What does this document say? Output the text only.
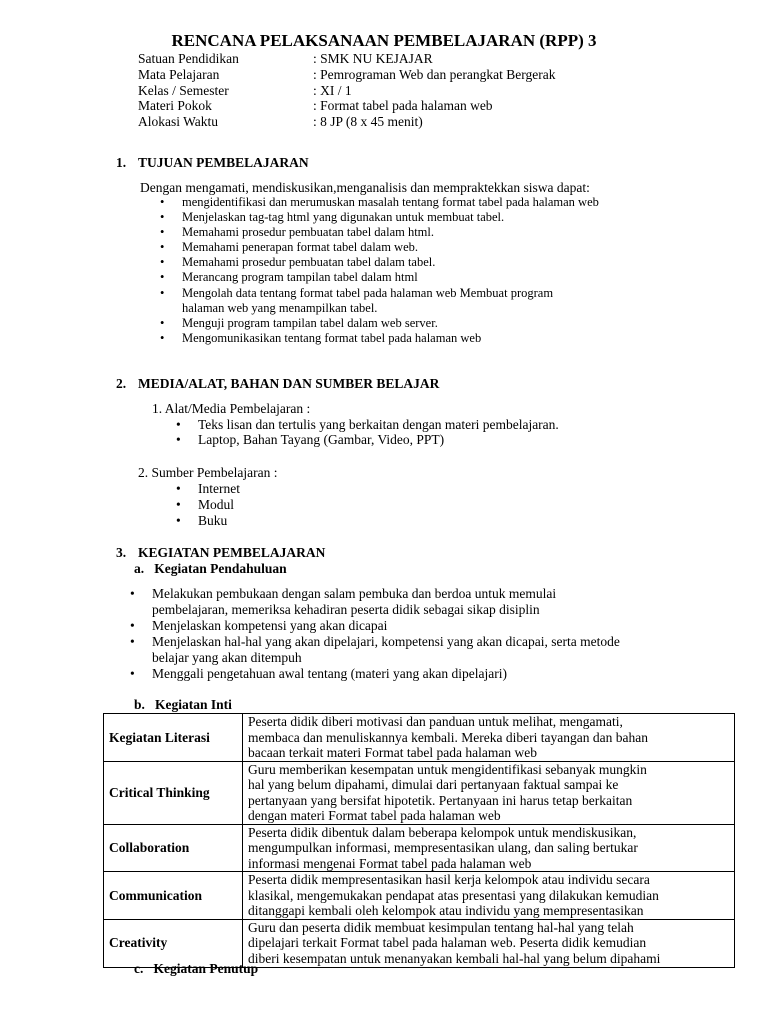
RENCANA PELAKSANAAN PEMBELAJARAN (RPP) 3
Satuan Pendidikan	: SMK NU KEJAJAR
Mata Pelajaran	: Pemrograman Web dan perangkat Bergerak
Kelas / Semester	: XI / 1
Materi Pokok	: Format tabel pada halaman web
Alokasi Waktu	: 8 JP (8 x 45 menit)
1. TUJUAN PEMBELAJARAN
Dengan mengamati, mendiskusikan,menganalisis dan mempraktekkan siswa dapat:
• mengidentifikasi dan merumuskan masalah tentang format tabel pada halaman web
• Menjelaskan tag-tag html yang digunakan untuk membuat tabel.
• Memahami prosedur pembuatan tabel dalam html.
• Memahami penerapan format tabel dalam web.
• Memahami prosedur pembuatan tabel dalam tabel.
• Merancang program tampilan tabel dalam html
• Mengolah data tentang format tabel pada halaman web Membuat program
halaman web yang menampilkan tabel.
• Menguji program tampilan tabel dalam web server.
• Mengomunikasikan tentang format tabel pada halaman web
2. MEDIA/ALAT, BAHAN DAN SUMBER BELAJAR
1. Alat/Media Pembelajaran :
• Teks lisan dan tertulis yang berkaitan dengan materi pembelajaran.
• Laptop, Bahan Tayang (Gambar, Video, PPT)
2. Sumber Pembelajaran :
• Internet
• Modul
• Buku
3. KEGIATAN PEMBELAJARAN
a. Kegiatan Pendahuluan
• Melakukan pembukaan dengan salam pembuka dan berdoa untuk memulai
pembelajaran, memeriksa kehadiran peserta didik sebagai sikap disiplin
• Menjelaskan kompetensi yang akan dicapai
• Menjelaskan hal-hal yang akan dipelajari, kompetensi yang akan dicapai, serta metode
belajar yang akan ditempuh
• Menggali pengetahuan awal tentang (materi yang akan dipelajari)
b. Kegiatan Inti
Kegiatan Literasi	Peserta didik diberi motivasi dan panduan untuk melihat, mengamati,
membaca dan menuliskannya kembali. Mereka diberi tayangan dan bahan
bacaan terkait materi Format tabel pada halaman web

Critical Thinking	Guru memberikan kesempatan untuk mengidentifikasi sebanyak mungkin
hal yang belum dipahami, dimulai dari pertanyaan faktual sampai ke
pertanyaan yang bersifat hipotetik. Pertanyaan ini harus tetap berkaitan
dengan materi Format tabel pada halaman web

Collaboration	Peserta didik dibentuk dalam beberapa kelompok untuk mendiskusikan,
mengumpulkan informasi, mempresentasikan ulang, dan saling bertukar
informasi mengenai Format tabel pada halaman web

Communication	Peserta didik mempresentasikan hasil kerja kelompok atau individu secara
klasikal, mengemukakan pendapat atas presentasi yang dilakukan kemudian
ditanggapi kembali oleh kelompok atau individu yang mempresentasikan

Creativity	Guru dan peserta didik membuat kesimpulan tentang hal-hal yang telah
dipelajari terkait Format tabel pada halaman web. Peserta didik kemudian
diberi kesempatan untuk menanyakan kembali hal-hal yang belum dipahami
c. Kegiatan Penutup
